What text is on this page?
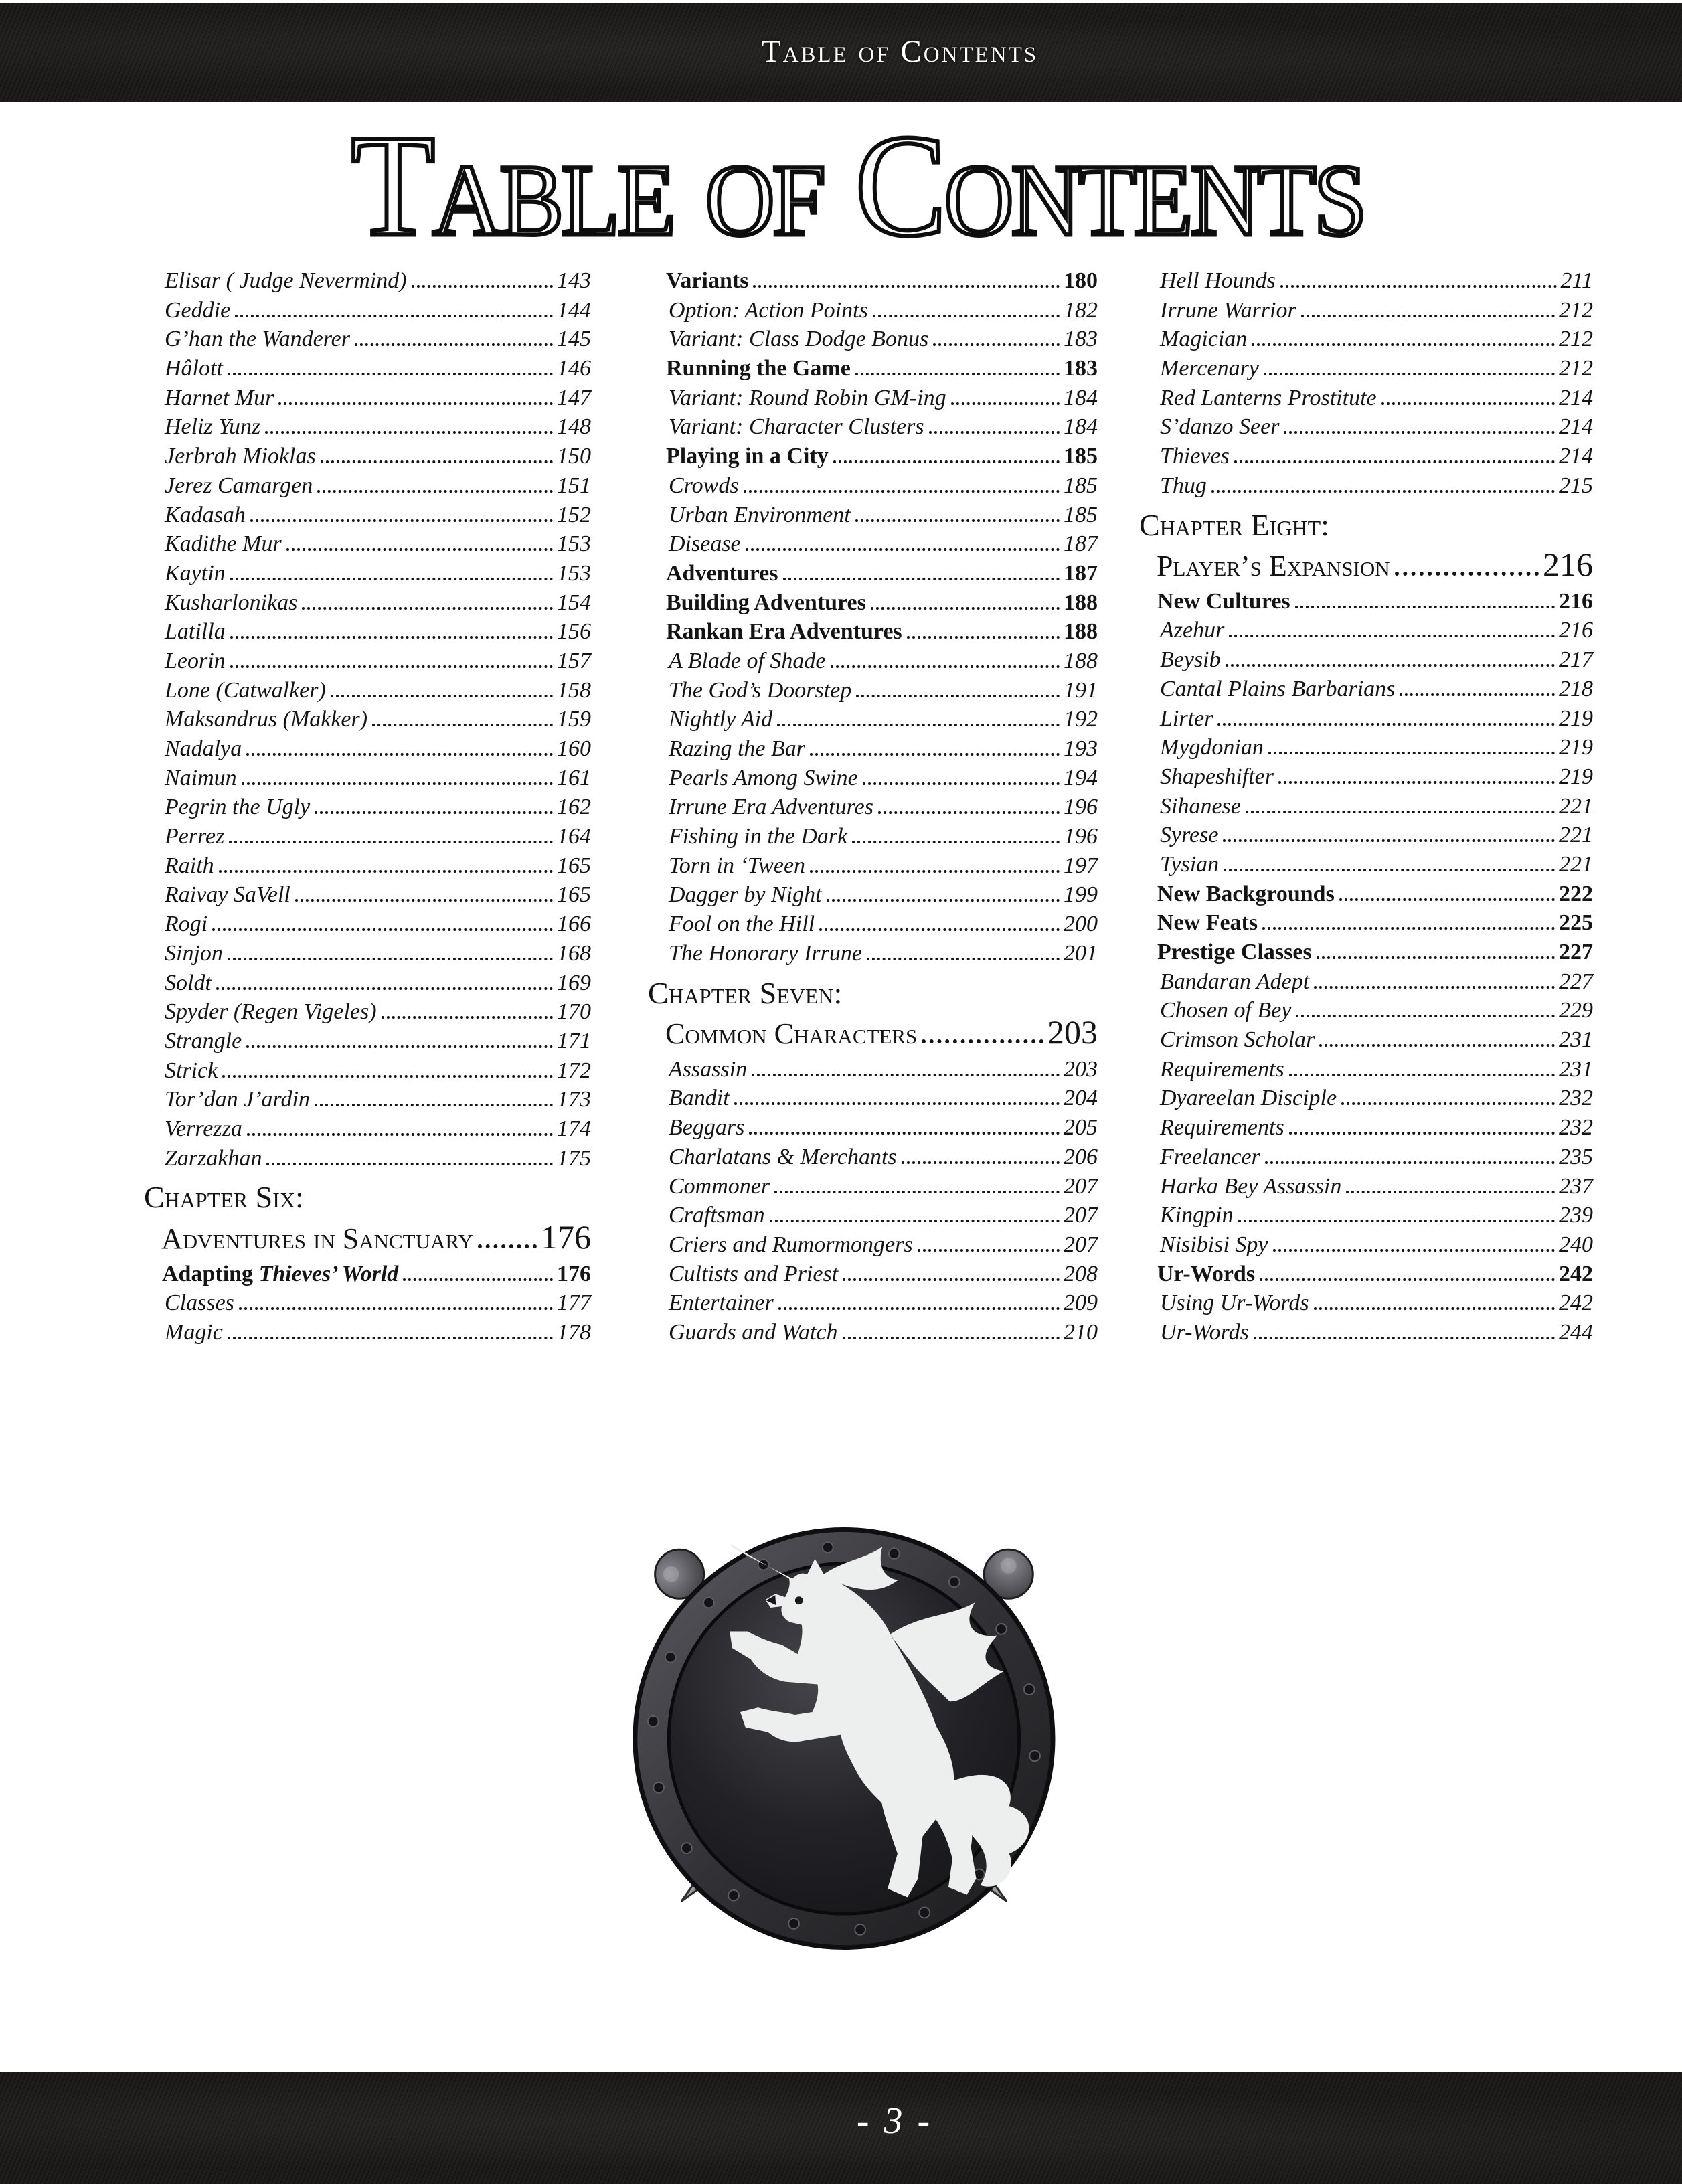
Table of Contents
Table of Contents
Elisar ( Judge Nevermind)	143
Geddie	144
G’han the Wanderer	145
Hâlott	146
Harnet Mur	147
Heliz Yunz	148
Jerbrah Mioklas	150
Jerez Camargen	151
Kadasah	152
Kadithe Mur	153
Kaytin	153
Kusharlonikas	154
Latilla	156
Leorin	157
Lone (Catwalker)	158
Maksandrus (Makker)	159
Nadalya	160
Naimun	161
Pegrin the Ugly	162
Perrez	164
Raith	165
Raivay SaVell	165
Rogi	166
Sinjon	168
Soldt	169
Spyder (Regen Vigeles)	170
Strangle	171
Strick	172
Tor’dan J’ardin	173
Verrezza	174
Zarzakhan	175
Chapter Six:
Adventures in Sanctuary 176
Adapting Thieves’ World	176
Classes	177
Magic	178
Variants	180
Option: Action Points	182
Variant: Class Dodge Bonus	183
Running the Game	183
Variant: Round Robin GM-ing	184
Variant: Character Clusters	184
Playing in a City	185
Crowds	185
Urban Environment	185
Disease	187
Adventures	187
Building Adventures	188
Rankan Era Adventures	188
A Blade of Shade	188
The God’s Doorstep	191
Nightly Aid	192
Razing the Bar	193
Pearls Among Swine	194
Irrune Era Adventures	196
Fishing in the Dark	196
Torn in ‘Tween	197
Dagger by Night	199
Fool on the Hill	200
The Honorary Irrune	201
Chapter Seven:
Common Characters	203
Assassin	203
Bandit	204
Beggars	205
Charlatans & Merchants	206
Commoner	207
Craftsman	207
Criers and Rumormongers	207
Cultists and Priest	208
Entertainer	209
Guards and Watch	210
Hell Hounds	211
Irrune Warrior	212
Magician	212
Mercenary	212
Red Lanterns Prostitute	214
S’danzo Seer	214
Thieves	214
Thug	215
Chapter Eight:
Player’s Expansion	216
New Cultures	216
Azehur	216
Beysib	217
Cantal Plains Barbarians	218
Lirter	219
Mygdonian	219
Shapeshifter	219
Sihanese	221
Syrese	221
Tysian	221
New Backgrounds	222
New Feats	225
Prestige Classes	227
Bandaran Adept	227
Chosen of Bey	229
Crimson Scholar	231
Requirements	231
Dyareelan Disciple	232
Requirements	232
Freelancer	235
Harka Bey Assassin	237
Kingpin	239
Nisibisi Spy	240
Ur-Words	242
Using Ur-Words	242
Ur-Words	244
- 3 -
